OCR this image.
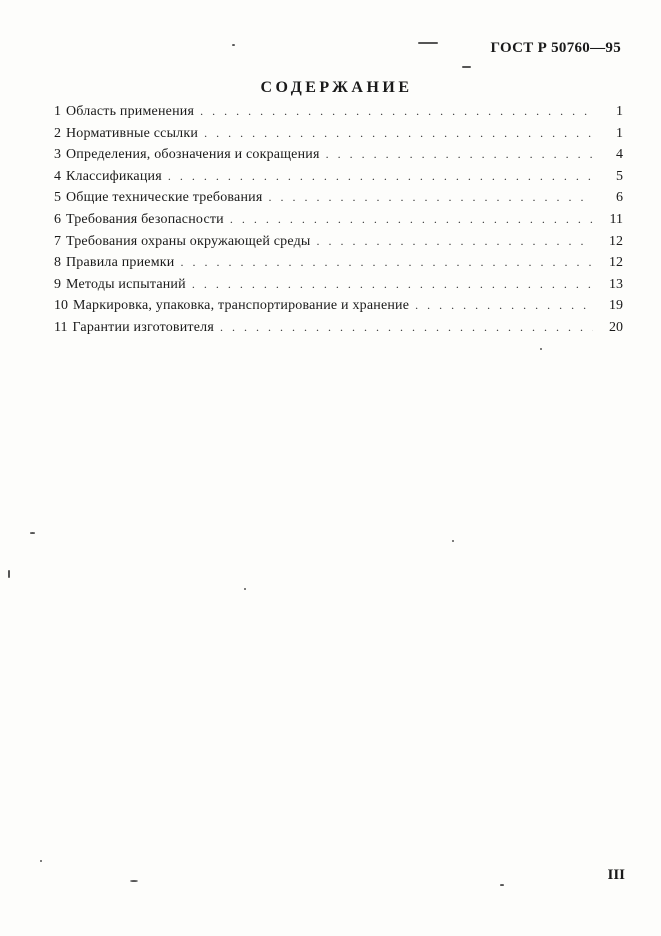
ГОСТ Р 50760—95
СОДЕРЖАНИЕ
1 Область применения . . .	1
2 Нормативные ссылки . . .	1
3 Определения, обозначения и сокращения . . .	4
4 Классификация . . .	5
5 Общие технические требования . . .	6
6 Требования безопасности . . .	11
7 Требования охраны окружающей среды . . .	12
8 Правила приемки . . .	12
9 Методы испытаний . . .	13
10 Маркировка, упаковка, транспортирование и хранение . . .	19
11 Гарантии изготовителя . . .	20
III
